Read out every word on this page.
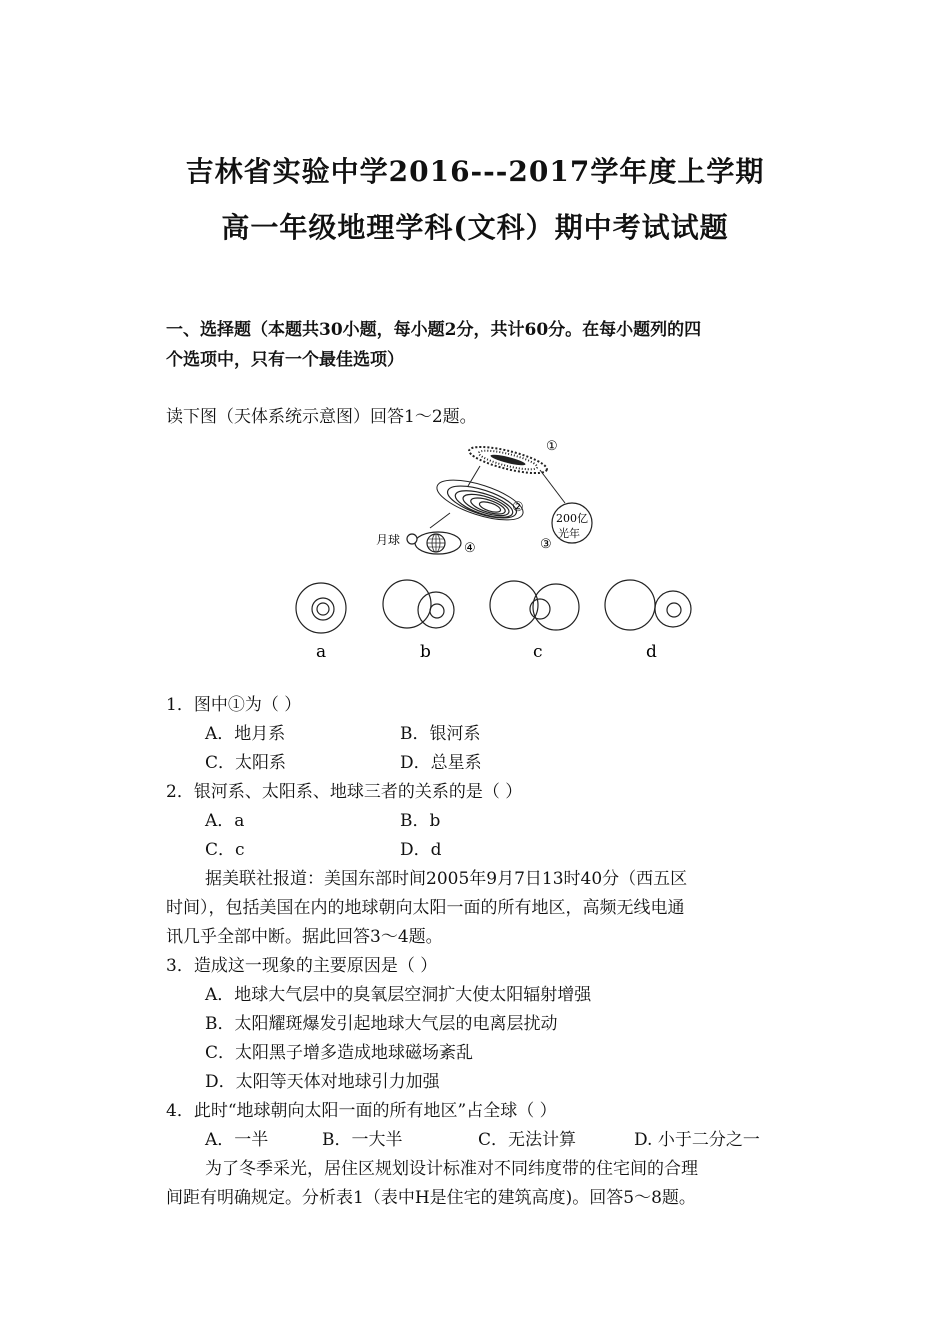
吉林省实验中学2016---2017学年度上学期
高一年级地理学科(文科）期中考试试题
一、选择题（本题共30小题，每小题2分，共计60分。在每小题列的四
个选项中，只有一个最佳选项）
读下图（天体系统示意图）回答1～2题。
①
②
200亿
光年
③
月球
④
a	b	c	d
1．图中①为（ ）
A．地月系	B．银河系
C．太阳系	D．总星系
2．银河系、太阳系、地球三者的关系的是（ ）
A．a	B．b
C．c	D．d
据美联社报道：美国东部时间2005年9月7日13时40分（西五区
时间），包括美国在内的地球朝向太阳一面的所有地区，高频无线电通
讯几乎全部中断。据此回答3～4题。
3．造成这一现象的主要原因是（ ）
A．地球大气层中的臭氧层空洞扩大使太阳辐射增强
B．太阳耀斑爆发引起地球大气层的电离层扰动
C．太阳黑子增多造成地球磁场紊乱
D．太阳等天体对地球引力加强
4．此时“地球朝向太阳一面的所有地区”占全球（ ）
A．一半	B．一大半	C．无法计算	D. 小于二分之一
为了冬季采光，居住区规划设计标准对不同纬度带的住宅间的合理
间距有明确规定。分析表1（表中H是住宅的建筑高度)。回答5～8题。
